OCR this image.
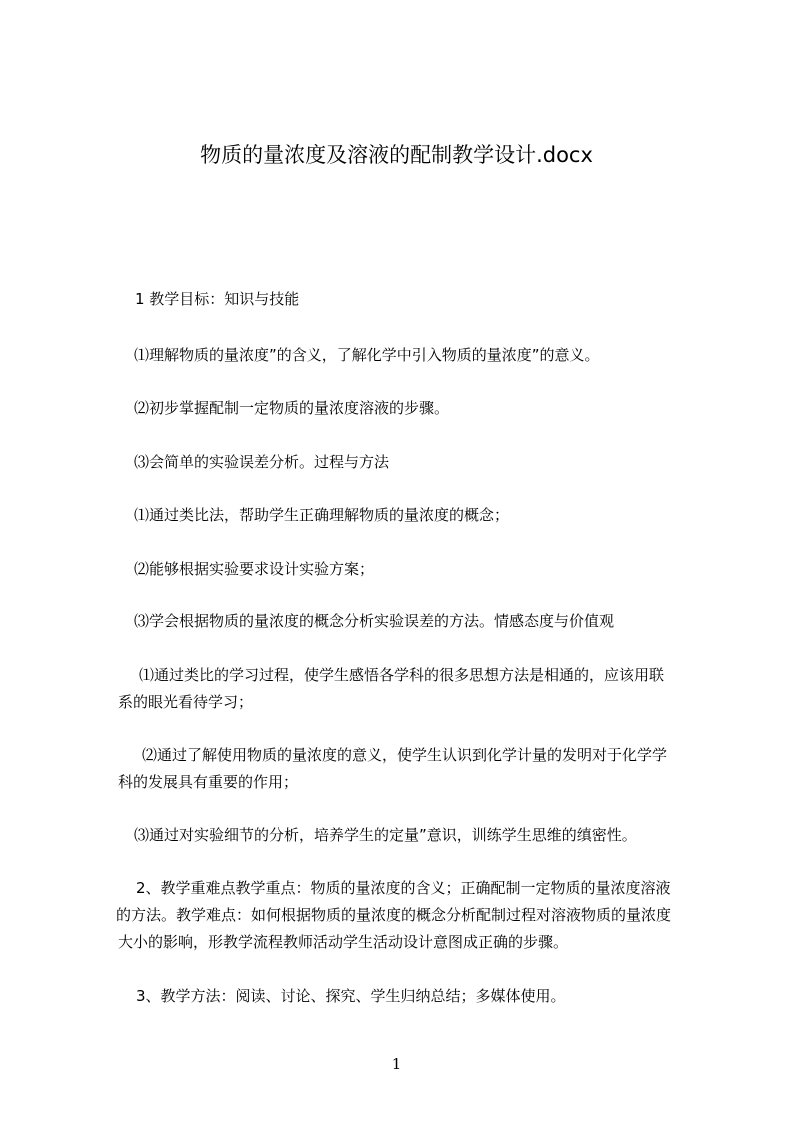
物质的量浓度及溶液的配制教学设计.docx

1 教学目标：知识与技能

⑴理解物质的量浓度”的含义，了解化学中引入物质的量浓度”的意义。

⑵初步掌握配制一定物质的量浓度溶液的步骤。

⑶会简单的实验误差分析。过程与方法

⑴通过类比法，帮助学生正确理解物质的量浓度的概念；

⑵能够根据实验要求设计实验方案；

⑶学会根据物质的量浓度的概念分析实验误差的方法。情感态度与价值观

⑴通过类比的学习过程，使学生感悟各学科的很多思想方法是相通的，应该用联

系的眼光看待学习；

⑵通过了解使用物质的量浓度的意义，使学生认识到化学计量的发明对于化学学

科的发展具有重要的作用；

⑶通过对实验细节的分析，培养学生的定量”意识，训练学生思维的缜密性。

2、教学重难点教学重点：物质的量浓度的含义；正确配制一定物质的量浓度溶液

的方法。教学难点：如何根据物质的量浓度的概念分析配制过程对溶液物质的量浓度

大小的影响，形教学流程教师活动学生活动设计意图成正确的步骤。

3、教学方法：阅读、讨论、探究、学生归纳总结；多媒体使用。

1
